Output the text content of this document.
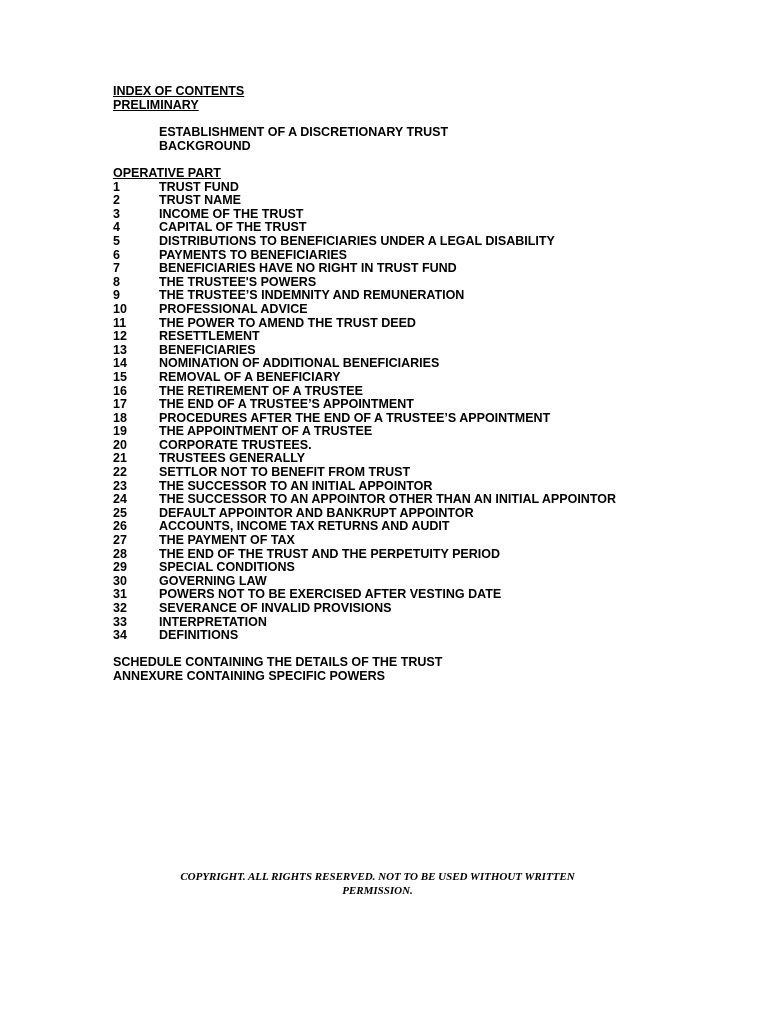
INDEX OF CONTENTS
PRELIMINARY
ESTABLISHMENT OF A DISCRETIONARY TRUST
BACKGROUND
OPERATIVE PART
1	TRUST FUND
2	TRUST NAME
3	INCOME OF THE TRUST
4	CAPITAL OF THE TRUST
5	DISTRIBUTIONS TO BENEFICIARIES UNDER A LEGAL DISABILITY
6	PAYMENTS TO BENEFICIARIES
7	BENEFICIARIES HAVE NO RIGHT IN TRUST FUND
8	THE TRUSTEE'S POWERS
9	THE TRUSTEE’S INDEMNITY AND REMUNERATION
10	PROFESSIONAL ADVICE
11	THE POWER TO AMEND THE TRUST DEED
12	RESETTLEMENT
13	BENEFICIARIES
14	NOMINATION OF ADDITIONAL BENEFICIARIES
15	REMOVAL OF A BENEFICIARY
16	THE RETIREMENT OF A TRUSTEE
17	THE END OF A TRUSTEE’S APPOINTMENT
18	PROCEDURES AFTER THE END OF A TRUSTEE’S APPOINTMENT
19	THE APPOINTMENT OF A TRUSTEE
20	CORPORATE TRUSTEES.
21	TRUSTEES GENERALLY
22	SETTLOR NOT TO BENEFIT FROM TRUST
23	THE SUCCESSOR TO AN INITIAL APPOINTOR
24	THE SUCCESSOR TO AN APPOINTOR OTHER THAN AN INITIAL APPOINTOR
25	DEFAULT APPOINTOR AND BANKRUPT APPOINTOR
26	ACCOUNTS, INCOME TAX RETURNS AND AUDIT
27	THE PAYMENT OF TAX
28	THE END OF THE TRUST AND THE PERPETUITY PERIOD
29	SPECIAL CONDITIONS
30	GOVERNING LAW
31	POWERS NOT TO BE EXERCISED AFTER VESTING DATE
32	SEVERANCE OF INVALID PROVISIONS
33	INTERPRETATION
34	DEFINITIONS
SCHEDULE CONTAINING THE DETAILS OF THE TRUST
ANNEXURE CONTAINING SPECIFIC POWERS
COPYRIGHT. ALL RIGHTS RESERVED. NOT TO BE USED WITHOUT WRITTEN
PERMISSION.
